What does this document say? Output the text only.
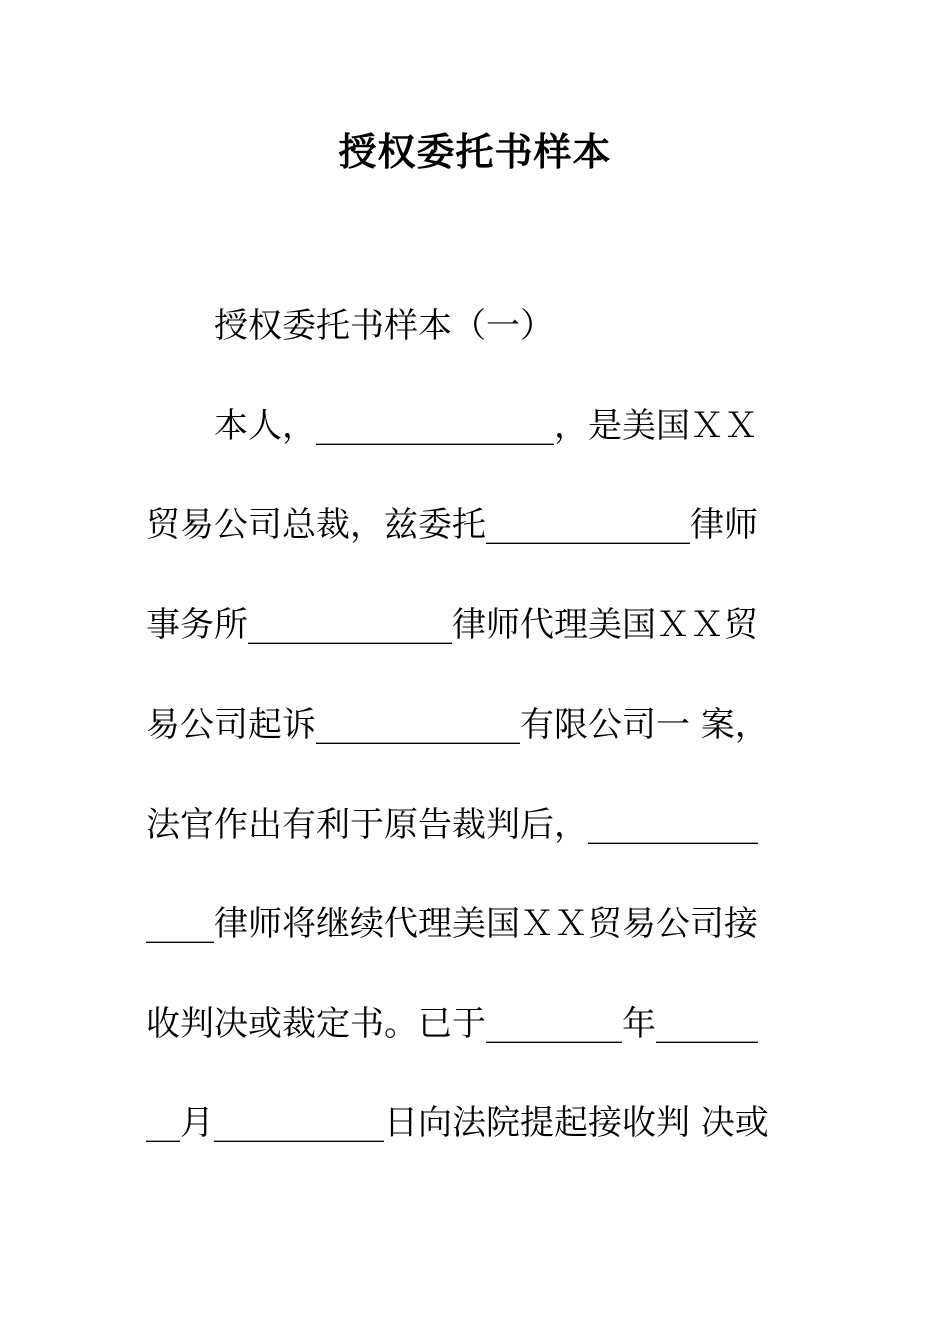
授权委托书样本

授权委托书样本（一）

本人，______________，是美国ＸＸ

贸易公司总裁，兹委托____________律师

事务所____________律师代理美国ＸＸ贸

易公司起诉____________有限公司一 案，

法官作出有利于原告裁判后，__________

____律师将继续代理美国ＸＸ贸易公司接

收判决或裁定书。已于________年______

__月__________日向法院提起接收判 决或
